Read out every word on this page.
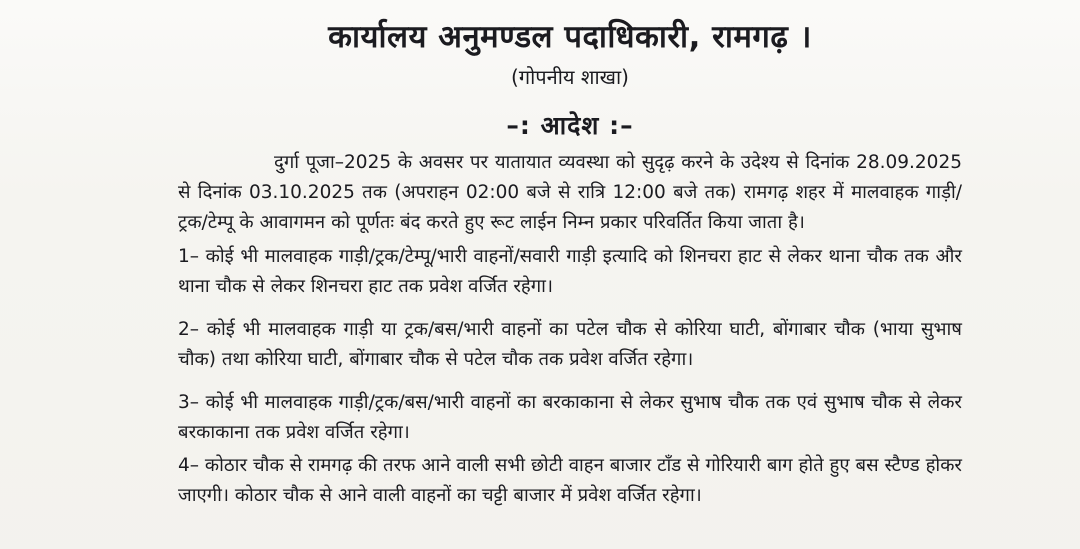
कार्यालय अनुमण्डल पदाधिकारी, रामगढ़ ।
(गोपनीय शाखा)
–: आदेश :–

दुर्गा पूजा–2025 के अवसर पर यातायात व्यवस्था को सुदृढ़ करने के उदेश्य से दिनांक 28.09.2025 से दिनांक 03.10.2025 तक (अपराहन 02:00 बजे से रात्रि 12:00 बजे तक) रामगढ़ शहर में मालवाहक गाड़ी/ट्रक/टेम्पू के आवागमन को पूर्णतः बंद करते हुए रूट लाईन निम्न प्रकार परिवर्तित किया जाता है।

1– कोई भी मालवाहक गाड़ी/ट्रक/टेम्पू/भारी वाहनों/सवारी गाड़ी इत्यादि को शिनचरा हाट से लेकर थाना चौक तक और थाना चौक से लेकर शिनचरा हाट तक प्रवेश वर्जित रहेगा।

2– कोई भी मालवाहक गाड़ी या ट्रक/बस/भारी वाहनों का पटेल चौक से कोरिया घाटी, बोंगाबार चौक (भाया सुभाष चौक) तथा कोरिया घाटी, बोंगाबार चौक से पटेल चौक तक प्रवेश वर्जित रहेगा।

3– कोई भी मालवाहक गाड़ी/ट्रक/बस/भारी वाहनों का बरकाकाना से लेकर सुभाष चौक तक एवं सुभाष चौक से लेकर बरकाकाना तक प्रवेश वर्जित रहेगा।

4– कोठार चौक से रामगढ़ की तरफ आने वाली सभी छोटी वाहन बाजार टाँड से गोरियारी बाग होते हुए बस स्टैण्ड होकर जाएगी। कोठार चौक से आने वाली वाहनों का चट्टी बाजार में प्रवेश वर्जित रहेगा।
